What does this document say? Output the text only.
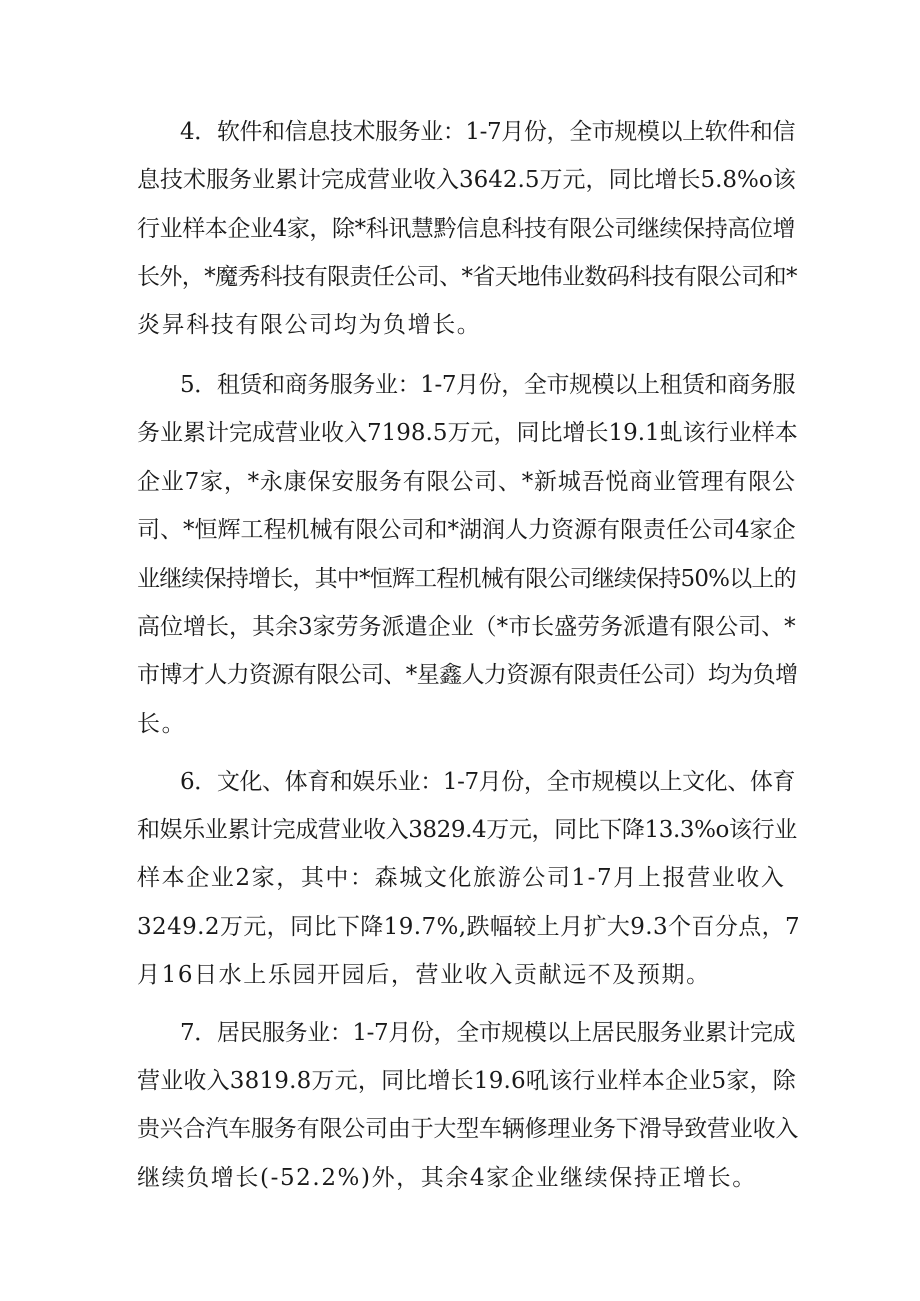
4．软件和信息技术服务业：1-7月份，全市规模以上软件和信

息技术服务业累计完成营业收入3642.5万元，同比增长5.8%o该

行业样本企业4家，除*科讯慧黔信息科技有限公司继续保持高位增

长外，*魔秀科技有限责任公司、*省天地伟业数码科技有限公司和*

炎昇科技有限公司均为负增长。

5．租赁和商务服务业：1-7月份，全市规模以上租赁和商务服

务业累计完成营业收入7198.5万元，同比增长19.1虬该行业样本

企业7家，*永康保安服务有限公司、*新城吾悦商业管理有限公

司、*恒辉工程机械有限公司和*湖润人力资源有限责任公司4家企

业继续保持增长，其中*恒辉工程机械有限公司继续保持50%以上的

高位增长，其余3家劳务派遣企业（*市长盛劳务派遣有限公司、*

市博才人力资源有限公司、*星鑫人力资源有限责任公司）均为负增

长。

6．文化、体育和娱乐业：1-7月份，全市规模以上文化、体育

和娱乐业累计完成营业收入3829.4万元，同比下降13.3%o该行业

样本企业2家，其中：森城文化旅游公司1-7月上报营业收入

3249.2万元，同比下降19.7%,跌幅较上月扩大9.3个百分点，7

月16日水上乐园开园后，营业收入贡献远不及预期。

7．居民服务业：1-7月份，全市规模以上居民服务业累计完成

营业收入3819.8万元，同比增长19.6吼该行业样本企业5家，除

贵兴合汽车服务有限公司由于大型车辆修理业务下滑导致营业收入

继续负增长(-52.2%)外，其余4家企业继续保持正增长。
